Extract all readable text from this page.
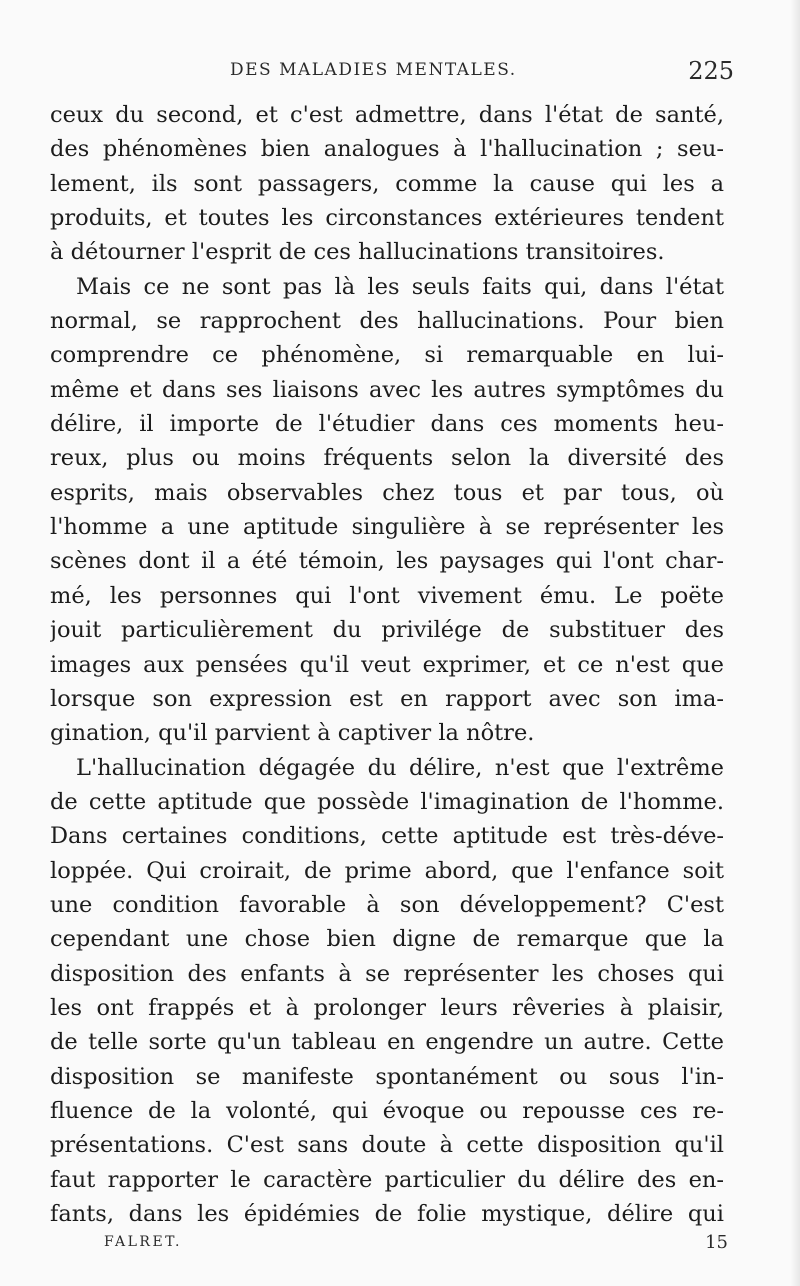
DES MALADIES MENTALES.	225
ceux du second, et c'est admettre, dans l'état de santé,
des phénomènes bien analogues à l'hallucination ; seu-
lement, ils sont passagers, comme la cause qui les a
produits, et toutes les circonstances extérieures tendent
à détourner l'esprit de ces hallucinations transitoires.
Mais ce ne sont pas là les seuls faits qui, dans l'état
normal, se rapprochent des hallucinations. Pour bien
comprendre ce phénomène, si remarquable en lui-
même et dans ses liaisons avec les autres symptômes du
délire, il importe de l'étudier dans ces moments heu-
reux, plus ou moins fréquents selon la diversité des
esprits, mais observables chez tous et par tous, où
l'homme a une aptitude singulière à se représenter les
scènes dont il a été témoin, les paysages qui l'ont char-
mé, les personnes qui l'ont vivement ému. Le poëte
jouit particulièrement du privilége de substituer des
images aux pensées qu'il veut exprimer, et ce n'est que
lorsque son expression est en rapport avec son ima-
gination, qu'il parvient à captiver la nôtre.
L'hallucination dégagée du délire, n'est que l'extrême
de cette aptitude que possède l'imagination de l'homme.
Dans certaines conditions, cette aptitude est très-déve-
loppée. Qui croirait, de prime abord, que l'enfance soit
une condition favorable à son développement? C'est
cependant une chose bien digne de remarque que la
disposition des enfants à se représenter les choses qui
les ont frappés et à prolonger leurs rêveries à plaisir,
de telle sorte qu'un tableau en engendre un autre. Cette
disposition se manifeste spontanément ou sous l'in-
fluence de la volonté, qui évoque ou repousse ces re-
présentations. C'est sans doute à cette disposition qu'il
faut rapporter le caractère particulier du délire des en-
fants, dans les épidémies de folie mystique, délire qui
FALRET.	15
